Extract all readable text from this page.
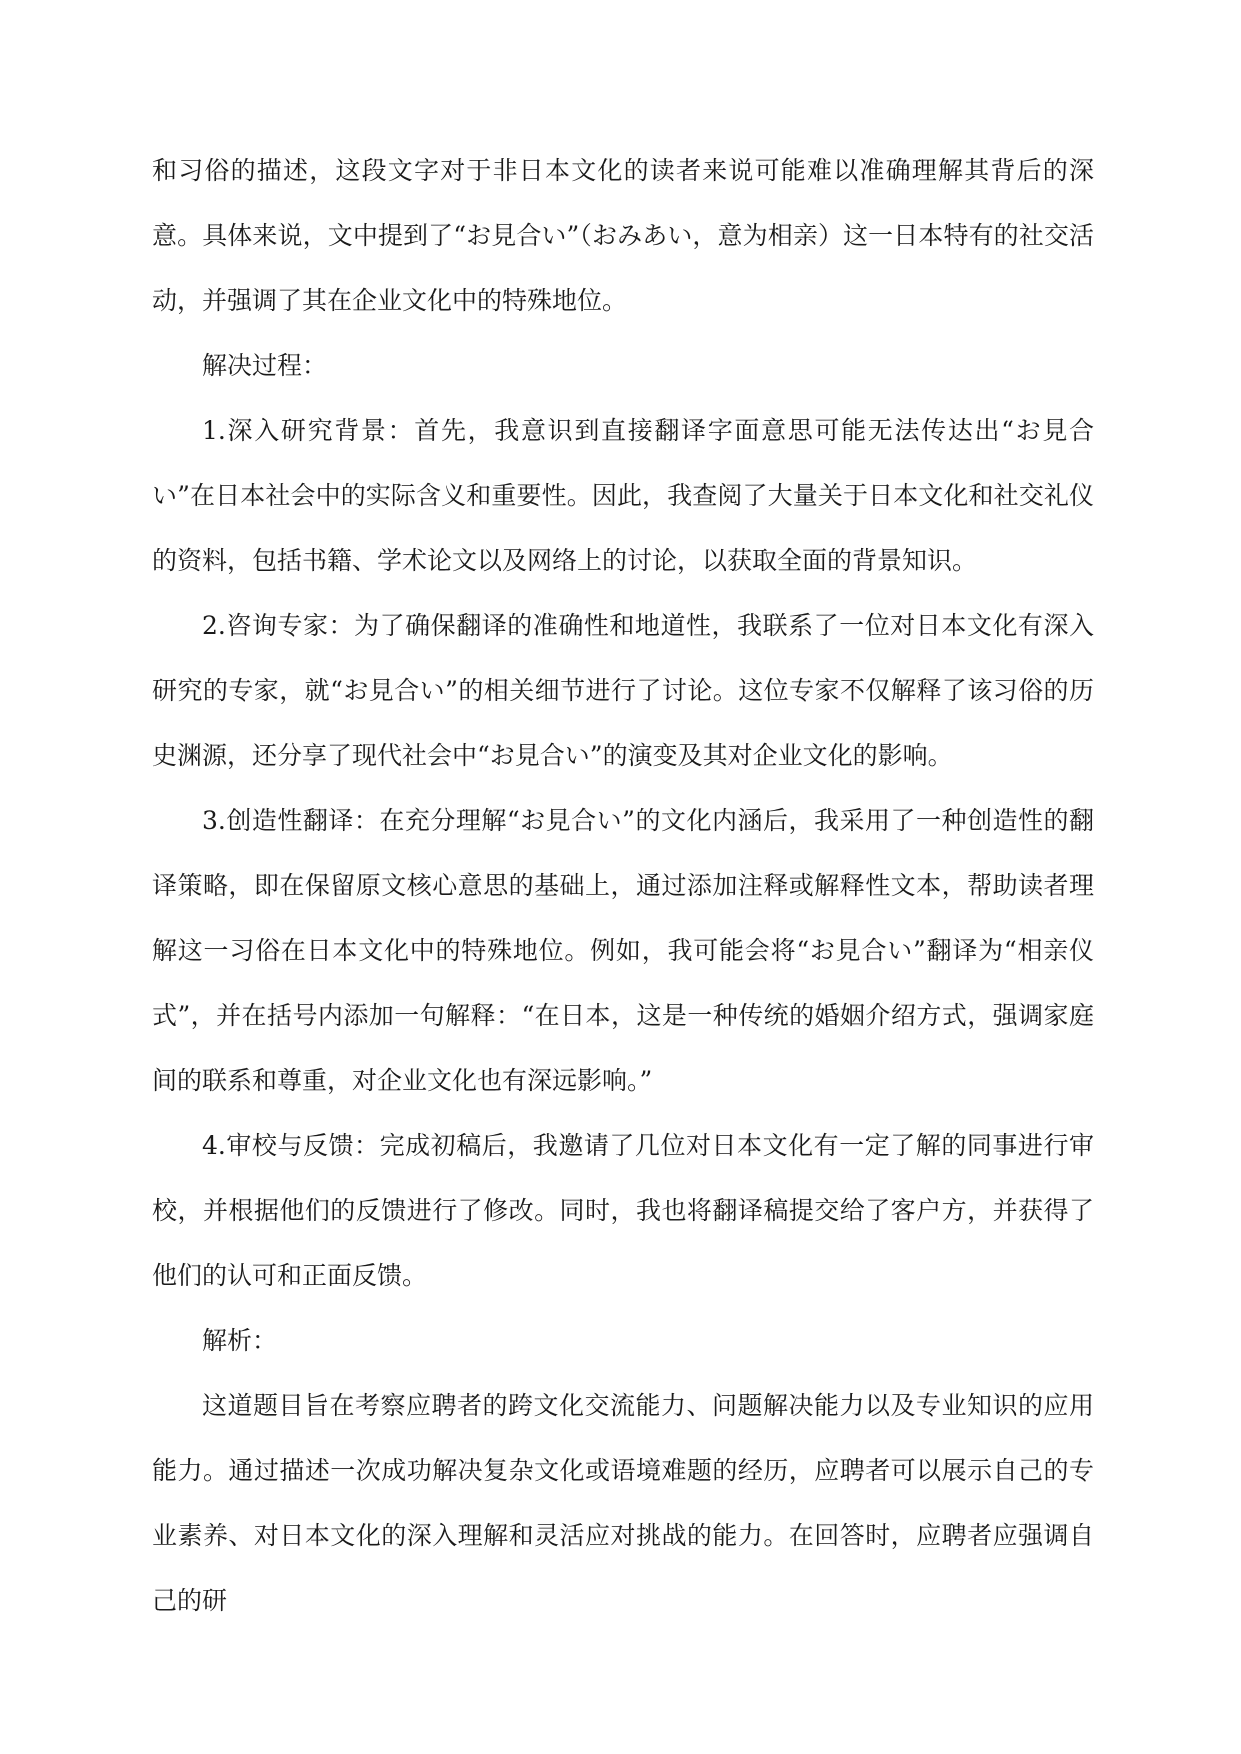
和习俗的描述，这段文字对于非日本文化的读者来说可能难以准确理解其背后的深意。具体来说，文中提到了“お見合い”（おみあい，意为相亲）这一日本特有的社交活动，并强调了其在企业文化中的特殊地位。

解决过程：

1.深入研究背景：首先，我意识到直接翻译字面意思可能无法传达出“お見合い”在日本社会中的实际含义和重要性。因此，我查阅了大量关于日本文化和社交礼仪的资料，包括书籍、学术论文以及网络上的讨论，以获取全面的背景知识。

2.咨询专家：为了确保翻译的准确性和地道性，我联系了一位对日本文化有深入研究的专家，就“お見合い”的相关细节进行了讨论。这位专家不仅解释了该习俗的历史渊源，还分享了现代社会中“お見合い”的演变及其对企业文化的影响。

3.创造性翻译：在充分理解“お見合い”的文化内涵后，我采用了一种创造性的翻译策略，即在保留原文核心意思的基础上，通过添加注释或解释性文本，帮助读者理解这一习俗在日本文化中的特殊地位。例如，我可能会将“お見合い”翻译为“相亲仪式”，并在括号内添加一句解释：“在日本，这是一种传统的婚姻介绍方式，强调家庭间的联系和尊重，对企业文化也有深远影响。”

4.审校与反馈：完成初稿后，我邀请了几位对日本文化有一定了解的同事进行审校，并根据他们的反馈进行了修改。同时，我也将翻译稿提交给了客户方，并获得了他们的认可和正面反馈。

解析：

这道题目旨在考察应聘者的跨文化交流能力、问题解决能力以及专业知识的应用能力。通过描述一次成功解决复杂文化或语境难题的经历，应聘者可以展示自己的专业素养、对日本文化的深入理解和灵活应对挑战的能力。在回答时，应聘者应强调自己的研
